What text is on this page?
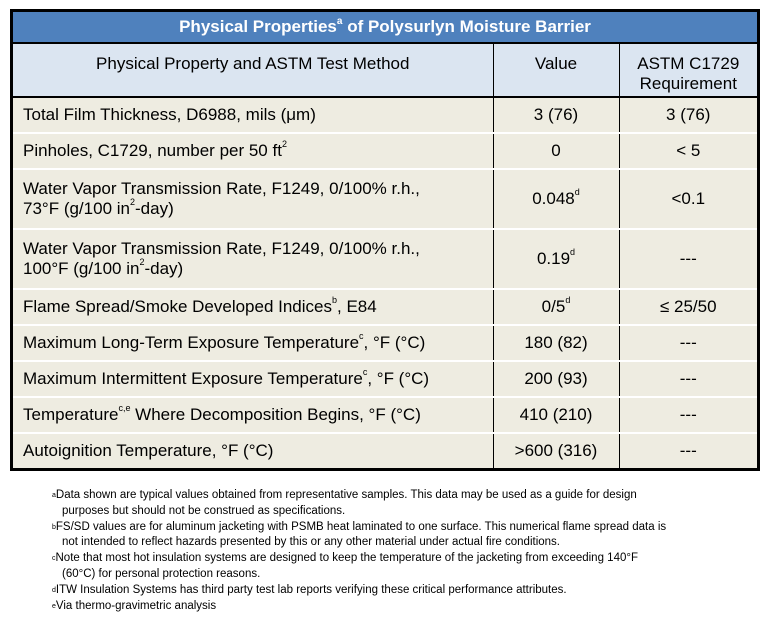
Physical Properties$^a$ of Polysurlyn Moisture Barrier		
Physical Property and ASTM Test Method	Value	ASTM C1729
Requirement
Total Film Thickness, D6988, mils (μm)	3 (76)	3 (76)
Pinholes, C1729, number per 50 $ft^2$	0	< 5
Water Vapor Transmission Rate, F1249, 0/100% r.h.,
73°F (g/100 $in^2-day$)	0.048$^d$	<0.1
Water Vapor Transmission Rate, F1249, 0/100% r.h.,
100°F (g/100 $in^2-day$)	0.19$^d$	---
Flame Spread/Smoke Developed Indices$^b$, E84	$0/5^d$	≤ 25/50
Maximum Long-Term Exposure Temperature$^c$, °F (°C)	180 (82)	---
Maximum Intermittent Exposure Temperature$^c$, °F (°C)	200 (93)	---
Temperature$^{c,e}$ Where Decomposition Begins, °F (°C)	410 (210)	---
Autoignition Temperature, °F (°C)	>600 (316)	---
$^a$Data shown are typical values obtained from representative samples. This data may be used as a guide for design
purposes but should not be construed as specifications.
$^b$FS/SD values are for aluminum jacketing with PSMB heat laminated to one surface. This numerical flame spread data is
not intended to reflect hazards presented by this or any other material under actual fire conditions.
$^c$Note that most hot insulation systems are designed to keep the temperature of the jacketing from exceeding 140°F
(60°C) for personal protection reasons.
$^d$ITW Insulation Systems has third party test lab reports verifying these critical performance attributes.
$^e$Via thermo-gravimetric analysis
